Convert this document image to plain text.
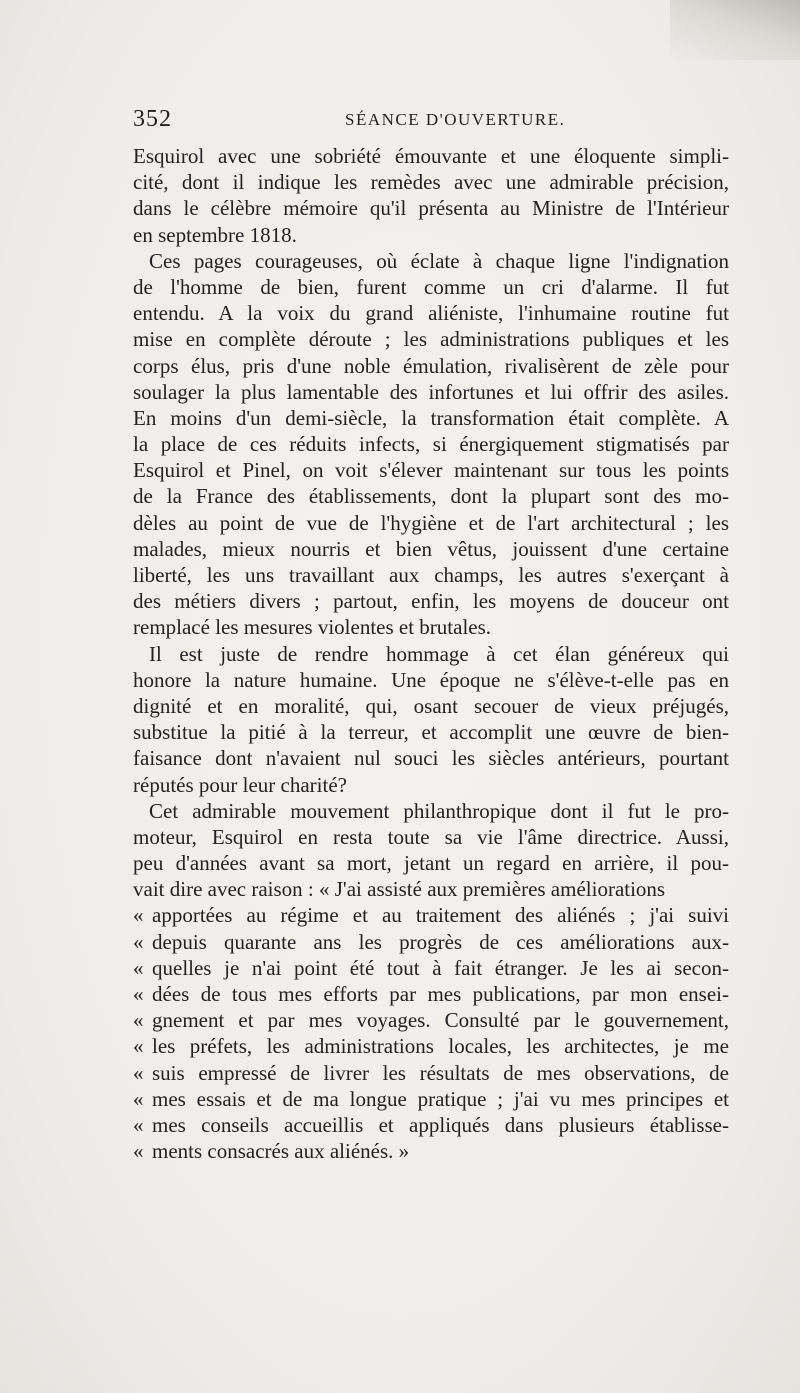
352	SÉANCE D'OUVERTURE.
Esquirol avec une sobriété émouvante et une éloquente simpli-
cité, dont il indique les remèdes avec une admirable précision,
dans le célèbre mémoire qu'il présenta au Ministre de l'Intérieur
en septembre 1818.
Ces pages courageuses, où éclate à chaque ligne l'indignation
de l'homme de bien, furent comme un cri d'alarme. Il fut
entendu. A la voix du grand aliéniste, l'inhumaine routine fut
mise en complète déroute ; les administrations publiques et les
corps élus, pris d'une noble émulation, rivalisèrent de zèle pour
soulager la plus lamentable des infortunes et lui offrir des asiles.
En moins d'un demi-siècle, la transformation était complète. A
la place de ces réduits infects, si énergiquement stigmatisés par
Esquirol et Pinel, on voit s'élever maintenant sur tous les points
de la France des établissements, dont la plupart sont des mo-
dèles au point de vue de l'hygiène et de l'art architectural ; les
malades, mieux nourris et bien vêtus, jouissent d'une certaine
liberté, les uns travaillant aux champs, les autres s'exerçant à
des métiers divers ; partout, enfin, les moyens de douceur ont
remplacé les mesures violentes et brutales.
Il est juste de rendre hommage à cet élan généreux qui
honore la nature humaine. Une époque ne s'élève-t-elle pas en
dignité et en moralité, qui, osant secouer de vieux préjugés,
substitue la pitié à la terreur, et accomplit une œuvre de bien-
faisance dont n'avaient nul souci les siècles antérieurs, pourtant
réputés pour leur charité?
Cet admirable mouvement philanthropique dont il fut le pro-
moteur, Esquirol en resta toute sa vie l'âme directrice. Aussi,
peu d'années avant sa mort, jetant un regard en arrière, il pou-
vait dire avec raison : « J'ai assisté aux premières améliorations
« apportées au régime et au traitement des aliénés ; j'ai suivi
« depuis quarante ans les progrès de ces améliorations aux-
« quelles je n'ai point été tout à fait étranger. Je les ai secon-
« dées de tous mes efforts par mes publications, par mon ensei-
« gnement et par mes voyages. Consulté par le gouvernement,
« les préfets, les administrations locales, les architectes, je me
« suis empressé de livrer les résultats de mes observations, de
« mes essais et de ma longue pratique ; j'ai vu mes principes et
« mes conseils accueillis et appliqués dans plusieurs établisse-
« ments consacrés aux aliénés. »
